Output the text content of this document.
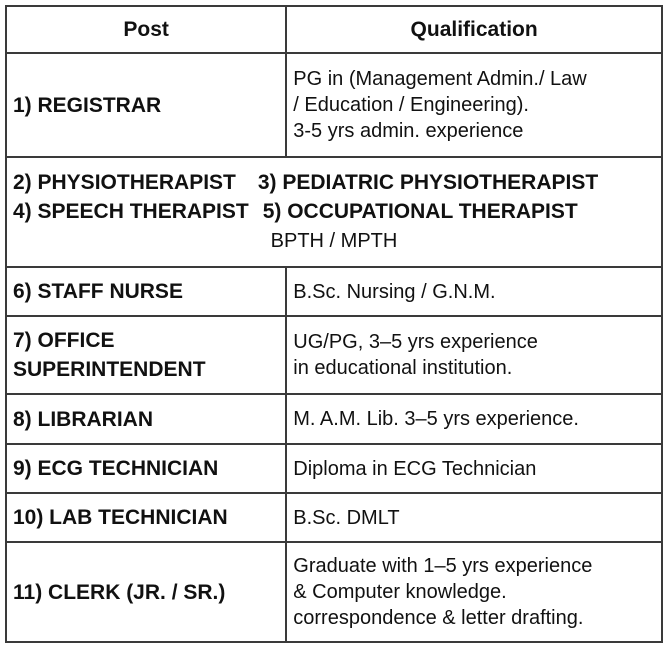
Post	Qualification
1) REGISTRAR	PG in (Management Admin./ Law
/ Education / Engineering).
3-5 yrs admin. experience

2) PHYSIOTHERAPIST 3) PEDIATRIC PHYSIOTHERAPIST
4) SPEECH THERAPIST 5) OCCUPATIONAL THERAPIST
BPTH / MPTH	

6) STAFF NURSE	B.Sc. Nursing / G.N.M.

7) OFFICE
SUPERINTENDENT	UG/PG, 3–5 yrs experience
in educational institution.

8) LIBRARIAN	M. A.M. Lib. 3–5 yrs experience.
9) ECG TECHNICIAN	Diploma in ECG Technician
10) LAB TECHNICIAN	B.Sc. DMLT
11) CLERK (JR. / SR.)	Graduate with 1–5 yrs experience
& Computer knowledge.
correspondence & letter drafting.
